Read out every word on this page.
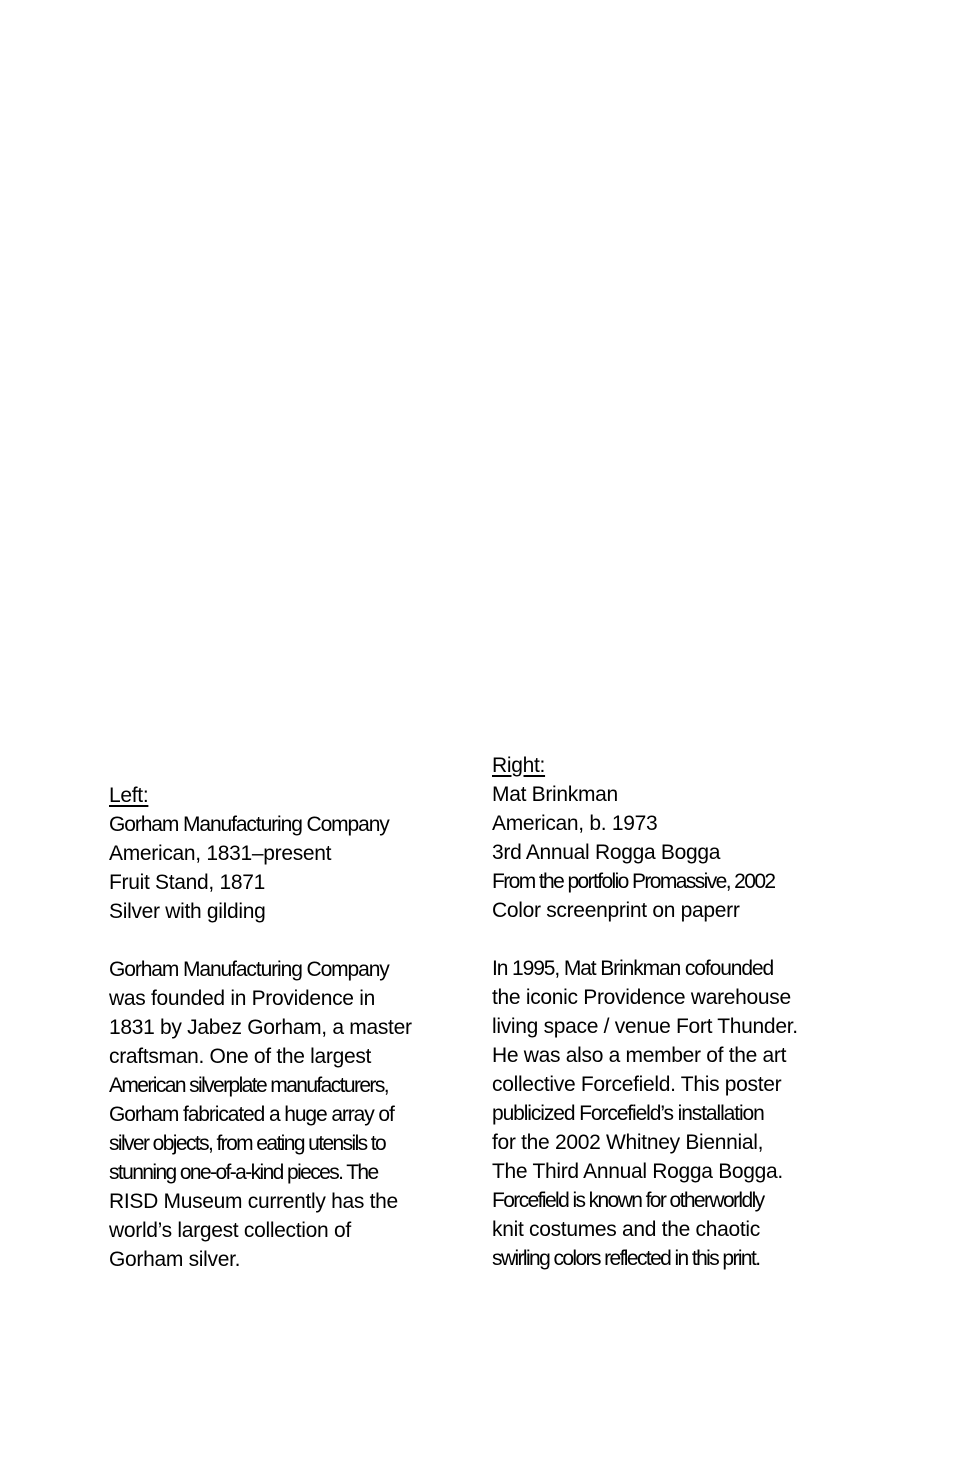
Left:
Gorham Manufacturing Company
American, 1831–present
Fruit Stand, 1871
Silver with gilding
Gorham Manufacturing Company
was founded in Providence in
1831 by Jabez Gorham, a master
craftsman. One of the largest
American silverplate manufacturers,
Gorham fabricated a huge array of
silver objects, from eating utensils to
stunning one-of-a-kind pieces. The
RISD Museum currently has the
world’s largest collection of
Gorham silver.
Right:
Mat Brinkman
American, b. 1973
3rd Annual Rogga Bogga
From the portfolio Promassive, 2002
Color screenprint on paperr
In 1995, Mat Brinkman cofounded
the iconic Providence warehouse
living space / venue Fort Thunder.
He was also a member of the art
collective Forcefield. This poster
publicized Forcefield’s installation
for the 2002 Whitney Biennial,
The Third Annual Rogga Bogga.
Forcefield is known for otherworldly
knit costumes and the chaotic
swirling colors reflected in this print.
